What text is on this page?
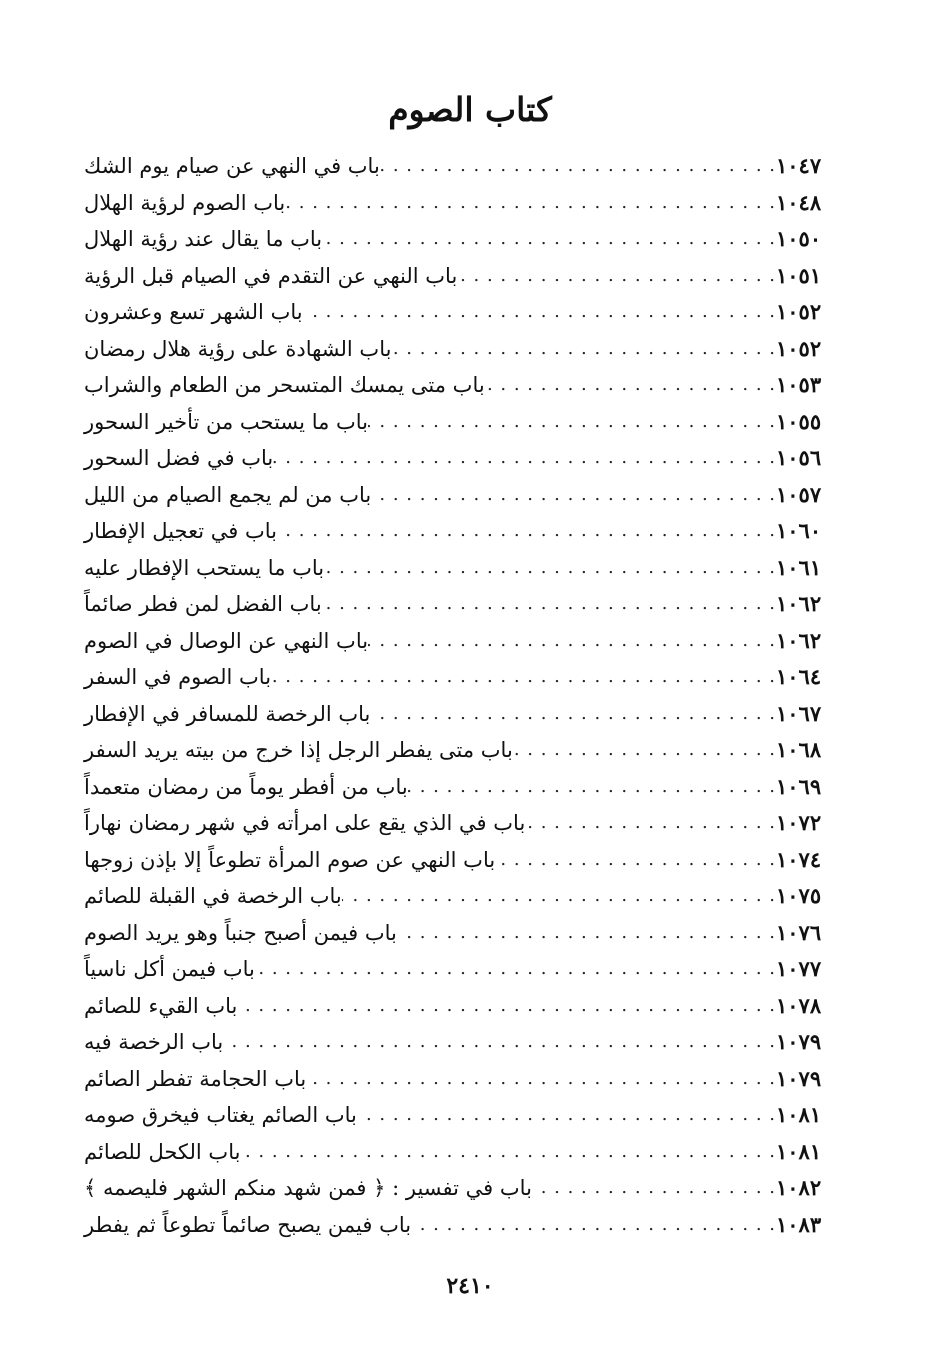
كتاب الصوم
باب في النهي عن صيام يوم الشك . . .	١٠٤٧
باب الصوم لرؤية الهلال . . .	١٠٤٨
باب ما يقال عند رؤية الهلال . . .	١٠٥٠
باب النهي عن التقدم في الصيام قبل الرؤية . . .	١٠٥١
باب الشهر تسع وعشرون . . .	١٠٥٢
باب الشهادة على رؤية هلال رمضان . . .	١٠٥٢
باب متى يمسك المتسحر من الطعام والشراب . . .	١٠٥٣
باب ما يستحب من تأخير السحور . . .	١٠٥٥
باب في فضل السحور . . .	١٠٥٦
باب من لم يجمع الصيام من الليل . . .	١٠٥٧
باب في تعجيل الإفطار . . .	١٠٦٠
باب ما يستحب الإفطار عليه . . .	١٠٦١
باب الفضل لمن فطر صائماً . . .	١٠٦٢
باب النهي عن الوصال في الصوم . . .	١٠٦٢
باب الصوم في السفر . . .	١٠٦٤
باب الرخصة للمسافر في الإفطار . . .	١٠٦٧
باب متى يفطر الرجل إذا خرج من بيته يريد السفر . . .	١٠٦٨
باب من أفطر يوماً من رمضان متعمداً . . .	١٠٦٩
باب في الذي يقع على امرأته في شهر رمضان نهاراً . . .	١٠٧٢
باب النهي عن صوم المرأة تطوعاً إلا بإذن زوجها . . .	١٠٧٤
باب الرخصة في القبلة للصائم . . .	١٠٧٥
باب فيمن أصبح جنباً وهو يريد الصوم . . .	١٠٧٦
باب فيمن أكل ناسياً . . .	١٠٧٧
باب القيء للصائم . . .	١٠٧٨
باب الرخصة فيه . . .	١٠٧٩
باب الحجامة تفطر الصائم . . .	١٠٧٩
باب الصائم يغتاب فيخرق صومه . . .	١٠٨١
باب الكحل للصائم . . .	١٠٨١
باب في تفسير : ﴿ فمن شهد منكم الشهر فليصمه ﴾ . . .	١٠٨٢
باب فيمن يصبح صائماً تطوعاً ثم يفطر . . .	١٠٨٣
٢٤١٠
